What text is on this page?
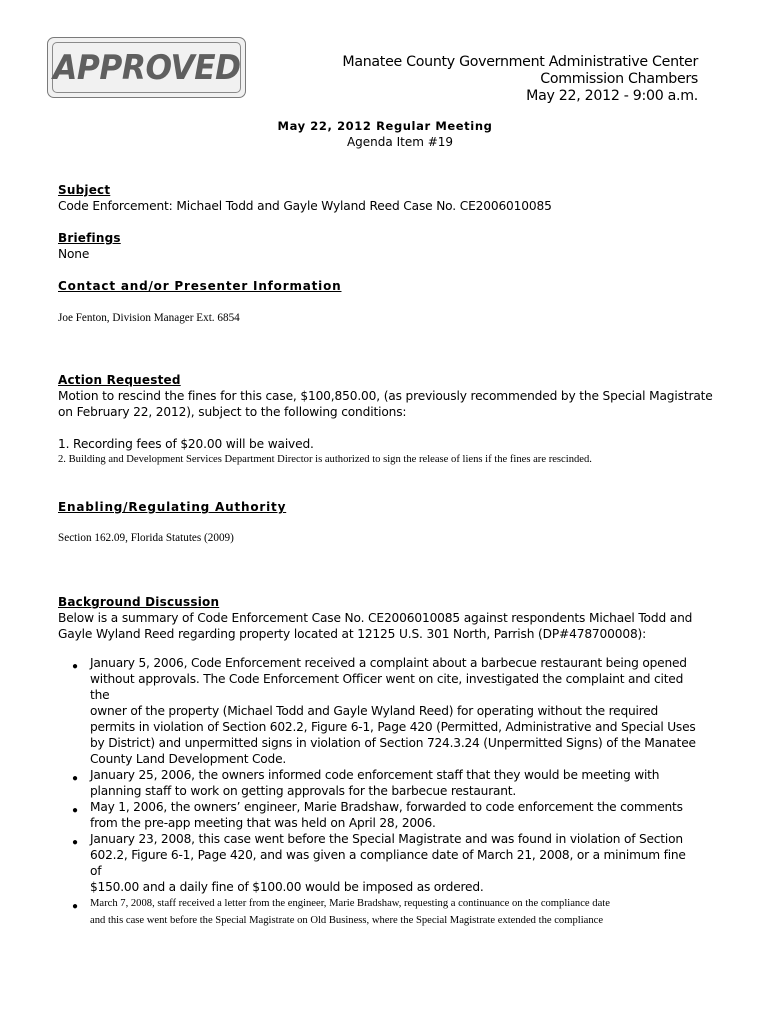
APPROVED	Manatee County Government Administrative Center
Commission Chambers
May 22, 2012 - 9:00 a.m.
May 22, 2012 Regular Meeting
Agenda Item #19
Subject
Code Enforcement: Michael Todd and Gayle Wyland Reed Case No. CE2006010085
Briefings
None
Contact and/or Presenter Information
Joe Fenton, Division Manager Ext. 6854
Action Requested
Motion to rescind the fines for this case, $100,850.00, (as previously recommended by the Special Magistrate
on February 22, 2012), subject to the following conditions:
1. Recording fees of $20.00 will be waived.
2. Building and Development Services Department Director is authorized to sign the release of liens if the fines are rescinded.
Enabling/Regulating Authority
Section 162.09, Florida Statutes (2009)
Background Discussion
Below is a summary of Code Enforcement Case No. CE2006010085 against respondents Michael Todd and
Gayle Wyland Reed regarding property located at 12125 U.S. 301 North, Parrish (DP#478700008):
● January 5, 2006, Code Enforcement received a complaint about a barbecue restaurant being opened
without approvals. The Code Enforcement Officer went on cite, investigated the complaint and cited the
owner of the property (Michael Todd and Gayle Wyland Reed) for operating without the required
permits in violation of Section 602.2, Figure 6-1, Page 420 (Permitted, Administrative and Special Uses
by District) and unpermitted signs in violation of Section 724.3.24 (Unpermitted Signs) of the Manatee
County Land Development Code.
● January 25, 2006, the owners informed code enforcement staff that they would be meeting with
planning staff to work on getting approvals for the barbecue restaurant.
● May 1, 2006, the owners’ engineer, Marie Bradshaw, forwarded to code enforcement the comments
from the pre-app meeting that was held on April 28, 2006.
● January 23, 2008, this case went before the Special Magistrate and was found in violation of Section
602.2, Figure 6-1, Page 420, and was given a compliance date of March 21, 2008, or a minimum fine of
$150.00 and a daily fine of $100.00 would be imposed as ordered.
● March 7, 2008, staff received a letter from the engineer, Marie Bradshaw, requesting a continuance on the compliance date
and this case went before the Special Magistrate on Old Business, where the Special Magistrate extended the compliance
